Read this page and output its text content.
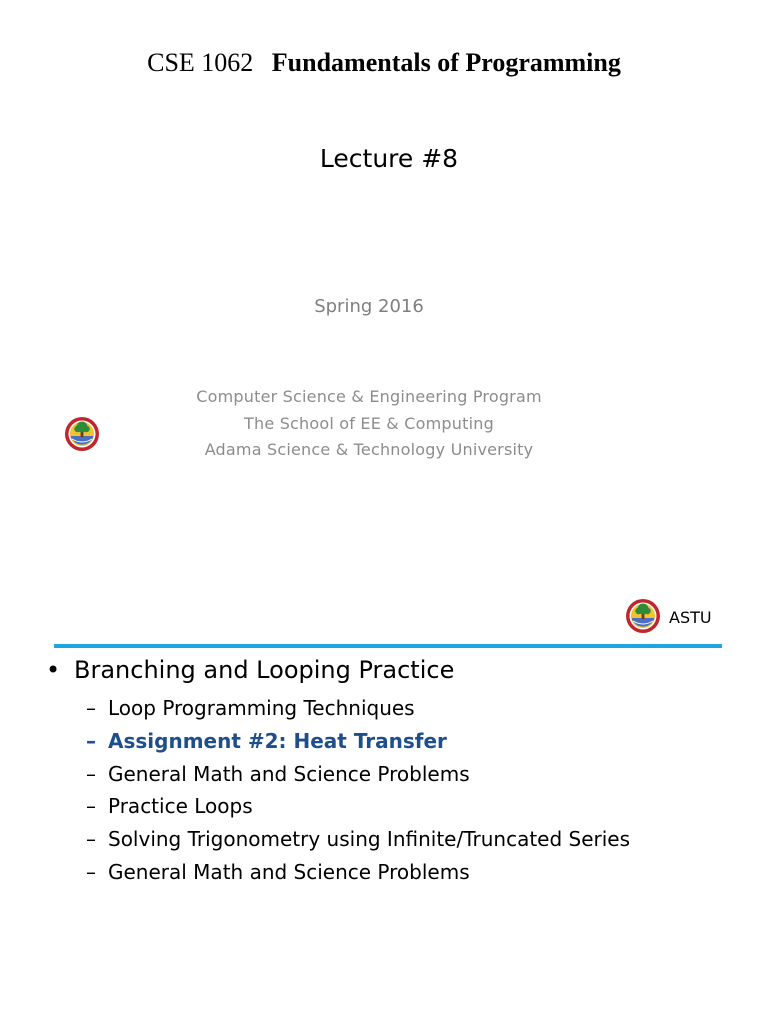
CSE 1062 Fundamentals of Programming
Lecture #8
Spring 2016
Computer Science & Engineering Program
The School of EE & Computing
Adama Science & Technology University
ASTU
• Branching and Looping Practice
– Loop Programming Techniques
– Assignment #2: Heat Transfer
– General Math and Science Problems
– Practice Loops
– Solving Trigonometry using Infinite/Truncated Series
– General Math and Science Problems
